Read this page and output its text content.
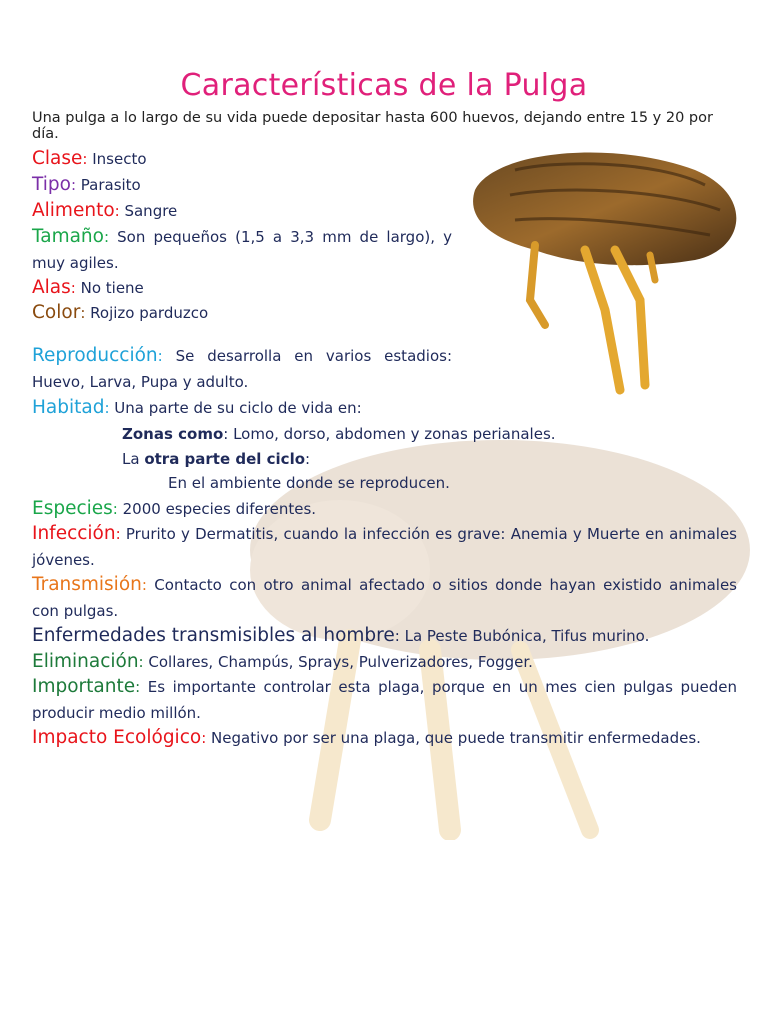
Características de la Pulga

Una pulga a lo largo de su vida puede depositar hasta 600 huevos, dejando entre 15 y 20 por día.

Clase: Insecto

Tipo: Parasito

Alimento: Sangre

Tamaño: Son pequeños (1,5 a 3,3 mm de largo), y muy agiles.

Alas: No tiene

Color: Rojizo parduzco

Reproducción: Se desarrolla en varios estadios: Huevo, Larva, Pupa y adulto.

Habitad: Una parte de su ciclo de vida en:

Zonas como: Lomo, dorso, abdomen y zonas perianales.

La otra parte del ciclo:

En el ambiente donde se reproducen.

Especies: 2000 especies diferentes.

Infección: Prurito y Dermatitis, cuando la infección es grave: Anemia y Muerte en animales jóvenes.

Transmisión: Contacto con otro animal afectado o sitios donde hayan existido animales con pulgas.

Enfermedades transmisibles al hombre: La Peste Bubónica, Tifus murino.

Eliminación: Collares, Champús, Sprays, Pulverizadores, Fogger.

Importante: Es importante controlar esta plaga, porque en un mes cien pulgas pueden producir medio millón.

Impacto Ecológico: Negativo por ser una plaga, que puede transmitir enfermedades.
